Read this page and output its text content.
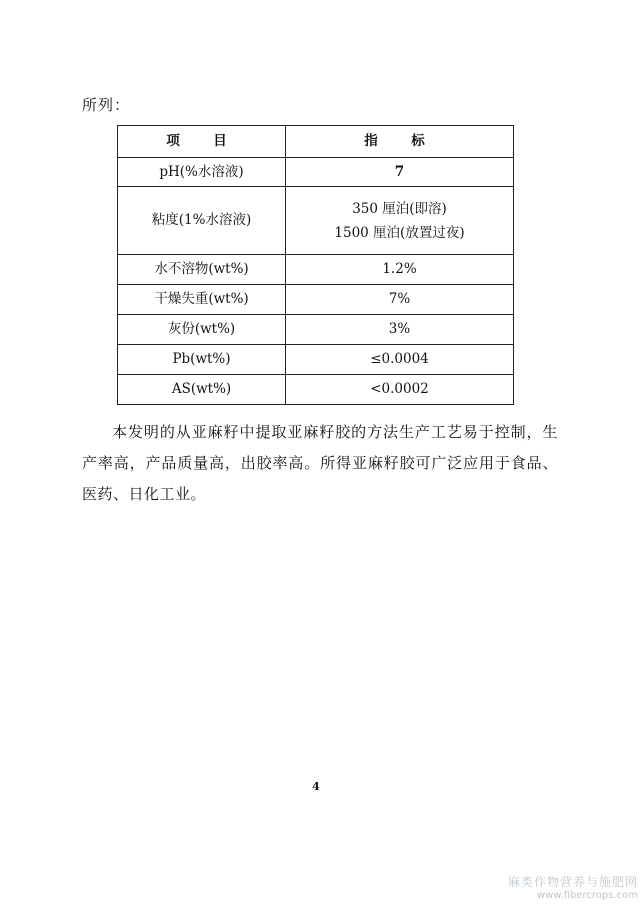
所列：
项　目	指　标
pH(%水溶液)	7
粘度(1%水溶液)	350 厘泊(即溶)
1500 厘泊(放置过夜)

水不溶物(wt%)	1.2%
干燥失重(wt%)	7%
灰份(wt%)	3%
Pb(wt%)	≤0.0004
AS(wt%)	<0.0002

本发明的从亚麻籽中提取亚麻籽胶的方法生产工艺易于控制，生产率高，产品质量高，出胶率高。所得亚麻籽胶可广泛应用于食品、医药、日化工业。

4
麻类作物营养与施肥网
www.fibercrops.com
